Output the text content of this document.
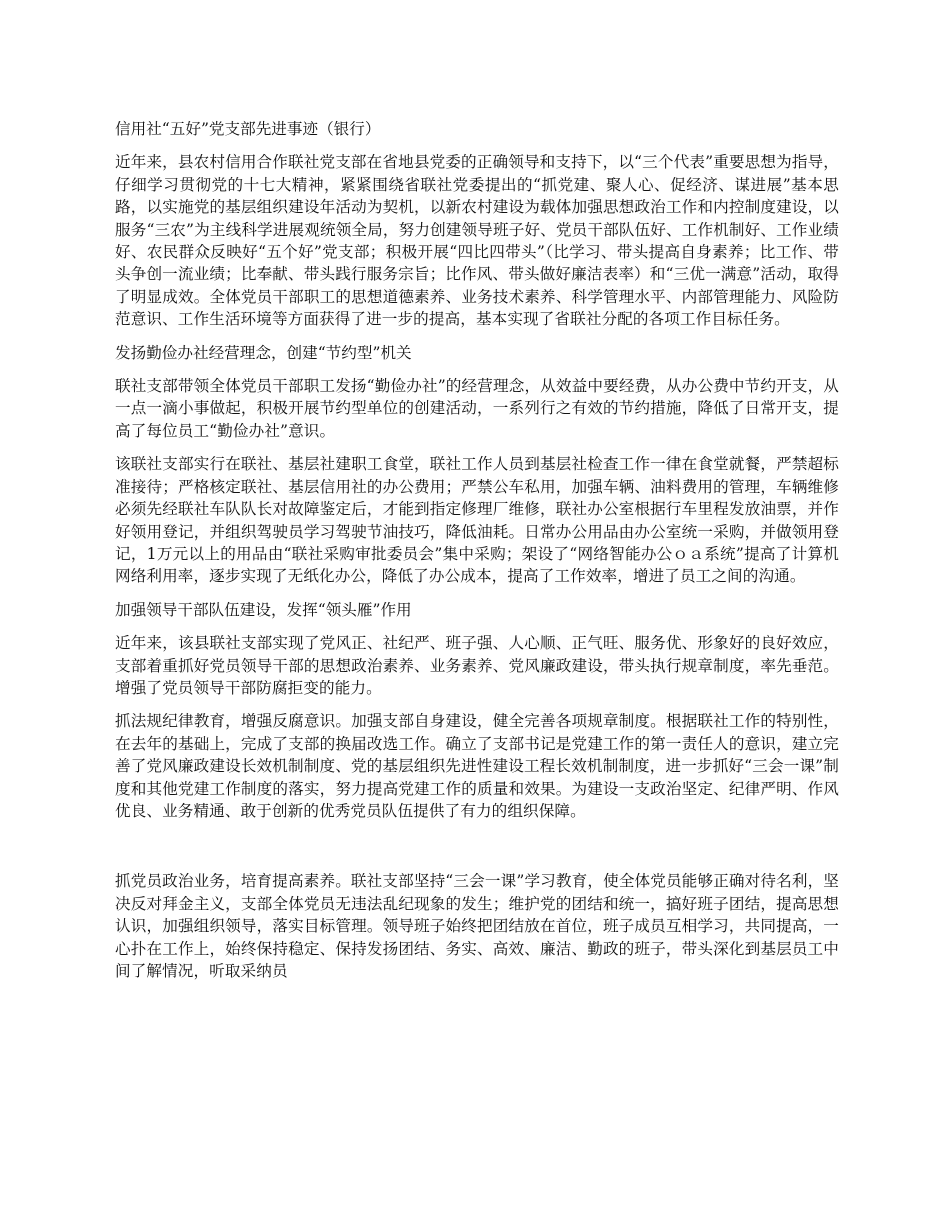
信用社“五好”党支部先进事迹（银行）

近年来，县农村信用合作联社党支部在省地县党委的正确领导和支持下，以“三个代表”重要思想为指导，仔细学习贯彻党的十七大精神，紧紧围绕省联社党委提出的“抓党建、聚人心、促经济、谋进展”基本思路，以实施党的基层组织建设年活动为契机，以新农村建设为载体加强思想政治工作和内控制度建设，以服务“三农”为主线科学进展观统领全局，努力创建领导班子好、党员干部队伍好、工作机制好、工作业绩好、农民群众反映好“五个好”党支部；积极开展“四比四带头”（比学习、带头提高自身素养；比工作、带头争创一流业绩；比奉献、带头践行服务宗旨；比作风、带头做好廉洁表率）和“三优一满意”活动，取得了明显成效。全体党员干部职工的思想道德素养、业务技术素养、科学管理水平、内部管理能力、风险防范意识、工作生活环境等方面获得了进一步的提高，基本实现了省联社分配的各项工作目标任务。

发扬勤俭办社经营理念，创建“节约型”机关

联社支部带领全体党员干部职工发扬“勤俭办社”的经营理念，从效益中要经费，从办公费中节约开支，从一点一滴小事做起，积极开展节约型单位的创建活动，一系列行之有效的节约措施，降低了日常开支，提高了每位员工“勤俭办社”意识。

该联社支部实行在联社、基层社建职工食堂，联社工作人员到基层社检查工作一律在食堂就餐，严禁超标准接待；严格核定联社、基层信用社的办公费用；严禁公车私用，加强车辆、油料费用的管理，车辆维修必须先经联社车队队长对故障鉴定后，才能到指定修理厂维修，联社办公室根据行车里程发放油票，并作好领用登记，并组织驾驶员学习驾驶节油技巧，降低油耗。日常办公用品由办公室统一采购，并做领用登记，1万元以上的用品由“联社采购审批委员会”集中采购；架设了“网络智能办公ｏａ系统”提高了计算机网络利用率，逐步实现了无纸化办公，降低了办公成本，提高了工作效率，增进了员工之间的沟通。

加强领导干部队伍建设，发挥“领头雁”作用

近年来，该县联社支部实现了党风正、社纪严、班子强、人心顺、正气旺、服务优、形象好的良好效应，支部着重抓好党员领导干部的思想政治素养、业务素养、党风廉政建设，带头执行规章制度，率先垂范。增强了党员领导干部防腐拒变的能力。

抓法规纪律教育，增强反腐意识。加强支部自身建设，健全完善各项规章制度。根据联社工作的特别性，在去年的基础上，完成了支部的换届改选工作。确立了支部书记是党建工作的第一责任人的意识，建立完善了党风廉政建设长效机制制度、党的基层组织先进性建设工程长效机制制度，进一步抓好“三会一课”制度和其他党建工作制度的落实，努力提高党建工作的质量和效果。为建设一支政治坚定、纪律严明、作风优良、业务精通、敢于创新的优秀党员队伍提供了有力的组织保障。

抓党员政治业务，培育提高素养。联社支部坚持“三会一课”学习教育，使全体党员能够正确对待名利，坚决反对拜金主义，支部全体党员无违法乱纪现象的发生；维护党的团结和统一，搞好班子团结，提高思想认识，加强组织领导，落实目标管理。领导班子始终把团结放在首位，班子成员互相学习，共同提高，一心扑在工作上，始终保持稳定、保持发扬团结、务实、高效、廉洁、勤政的班子，带头深化到基层员工中间了解情况，听取采纳员
